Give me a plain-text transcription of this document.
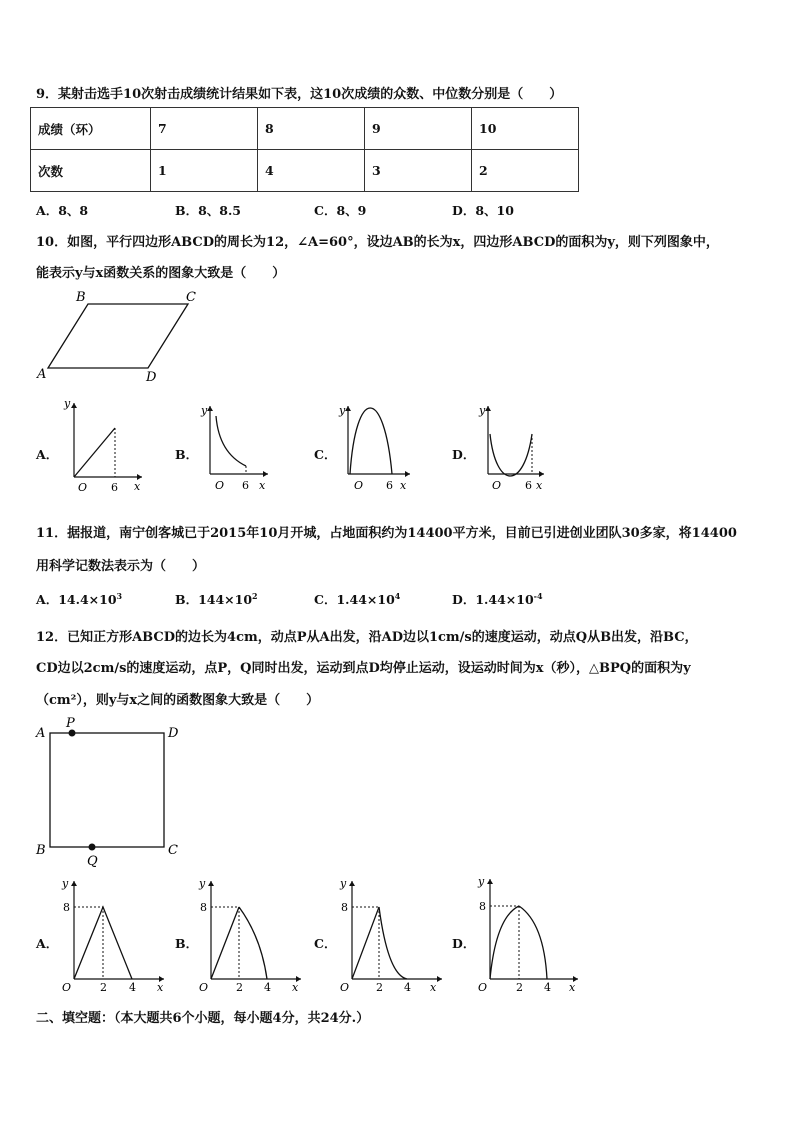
9．某射击选手10次射击成绩统计结果如下表，这10次成绩的众数、中位数分别是（　　）
成绩（环）	7	8	9	10
次数	1	4	3	2
A．8、8	B．8、8.5	C．8、9	D．8、10
10．如图，平行四边形ABCD的周长为12，∠A=60°，设边AB的长为x，四边形ABCD的面积为y，则下列图象中，
能表示y与x函数关系的图象大致是（　　）
A
B	C
D
A．
y
x
O 6
B．
y
x
O 6
C．
y
x
O 6
D．
y
x
O 6
11．据报道，南宁创客城已于2015年10月开城，占地面积约为14400平方米，目前已引进创业团队30多家，将14400
用科学记数法表示为（　　）
A．$14.4\times 10^3$	B．$144\times 10^2$	C．$1.44\times 10^4$	D．$1.44\times 10^{-4}$
12．已知正方形ABCD的边长为4cm，动点P从A出发，沿AD边以1cm/s的速度运动，动点Q从B出发，沿BC，
CD边以2cm/s的速度运动，点P，Q同时出发，运动到点D均停止运动，设运动时间为x（秒），△BPQ的面积为y
（cm²），则y与x之间的函数图象大致是（　　）
A
P
D
B
Q
C
A．
y
8
O	2 4 x
B．
y
8
O	2 4 x
C．
y
8
O 2 4 x
D．
y
8
O	2 4 x
二、填空题：（本大题共6个小题，每小题4分，共24分.）
